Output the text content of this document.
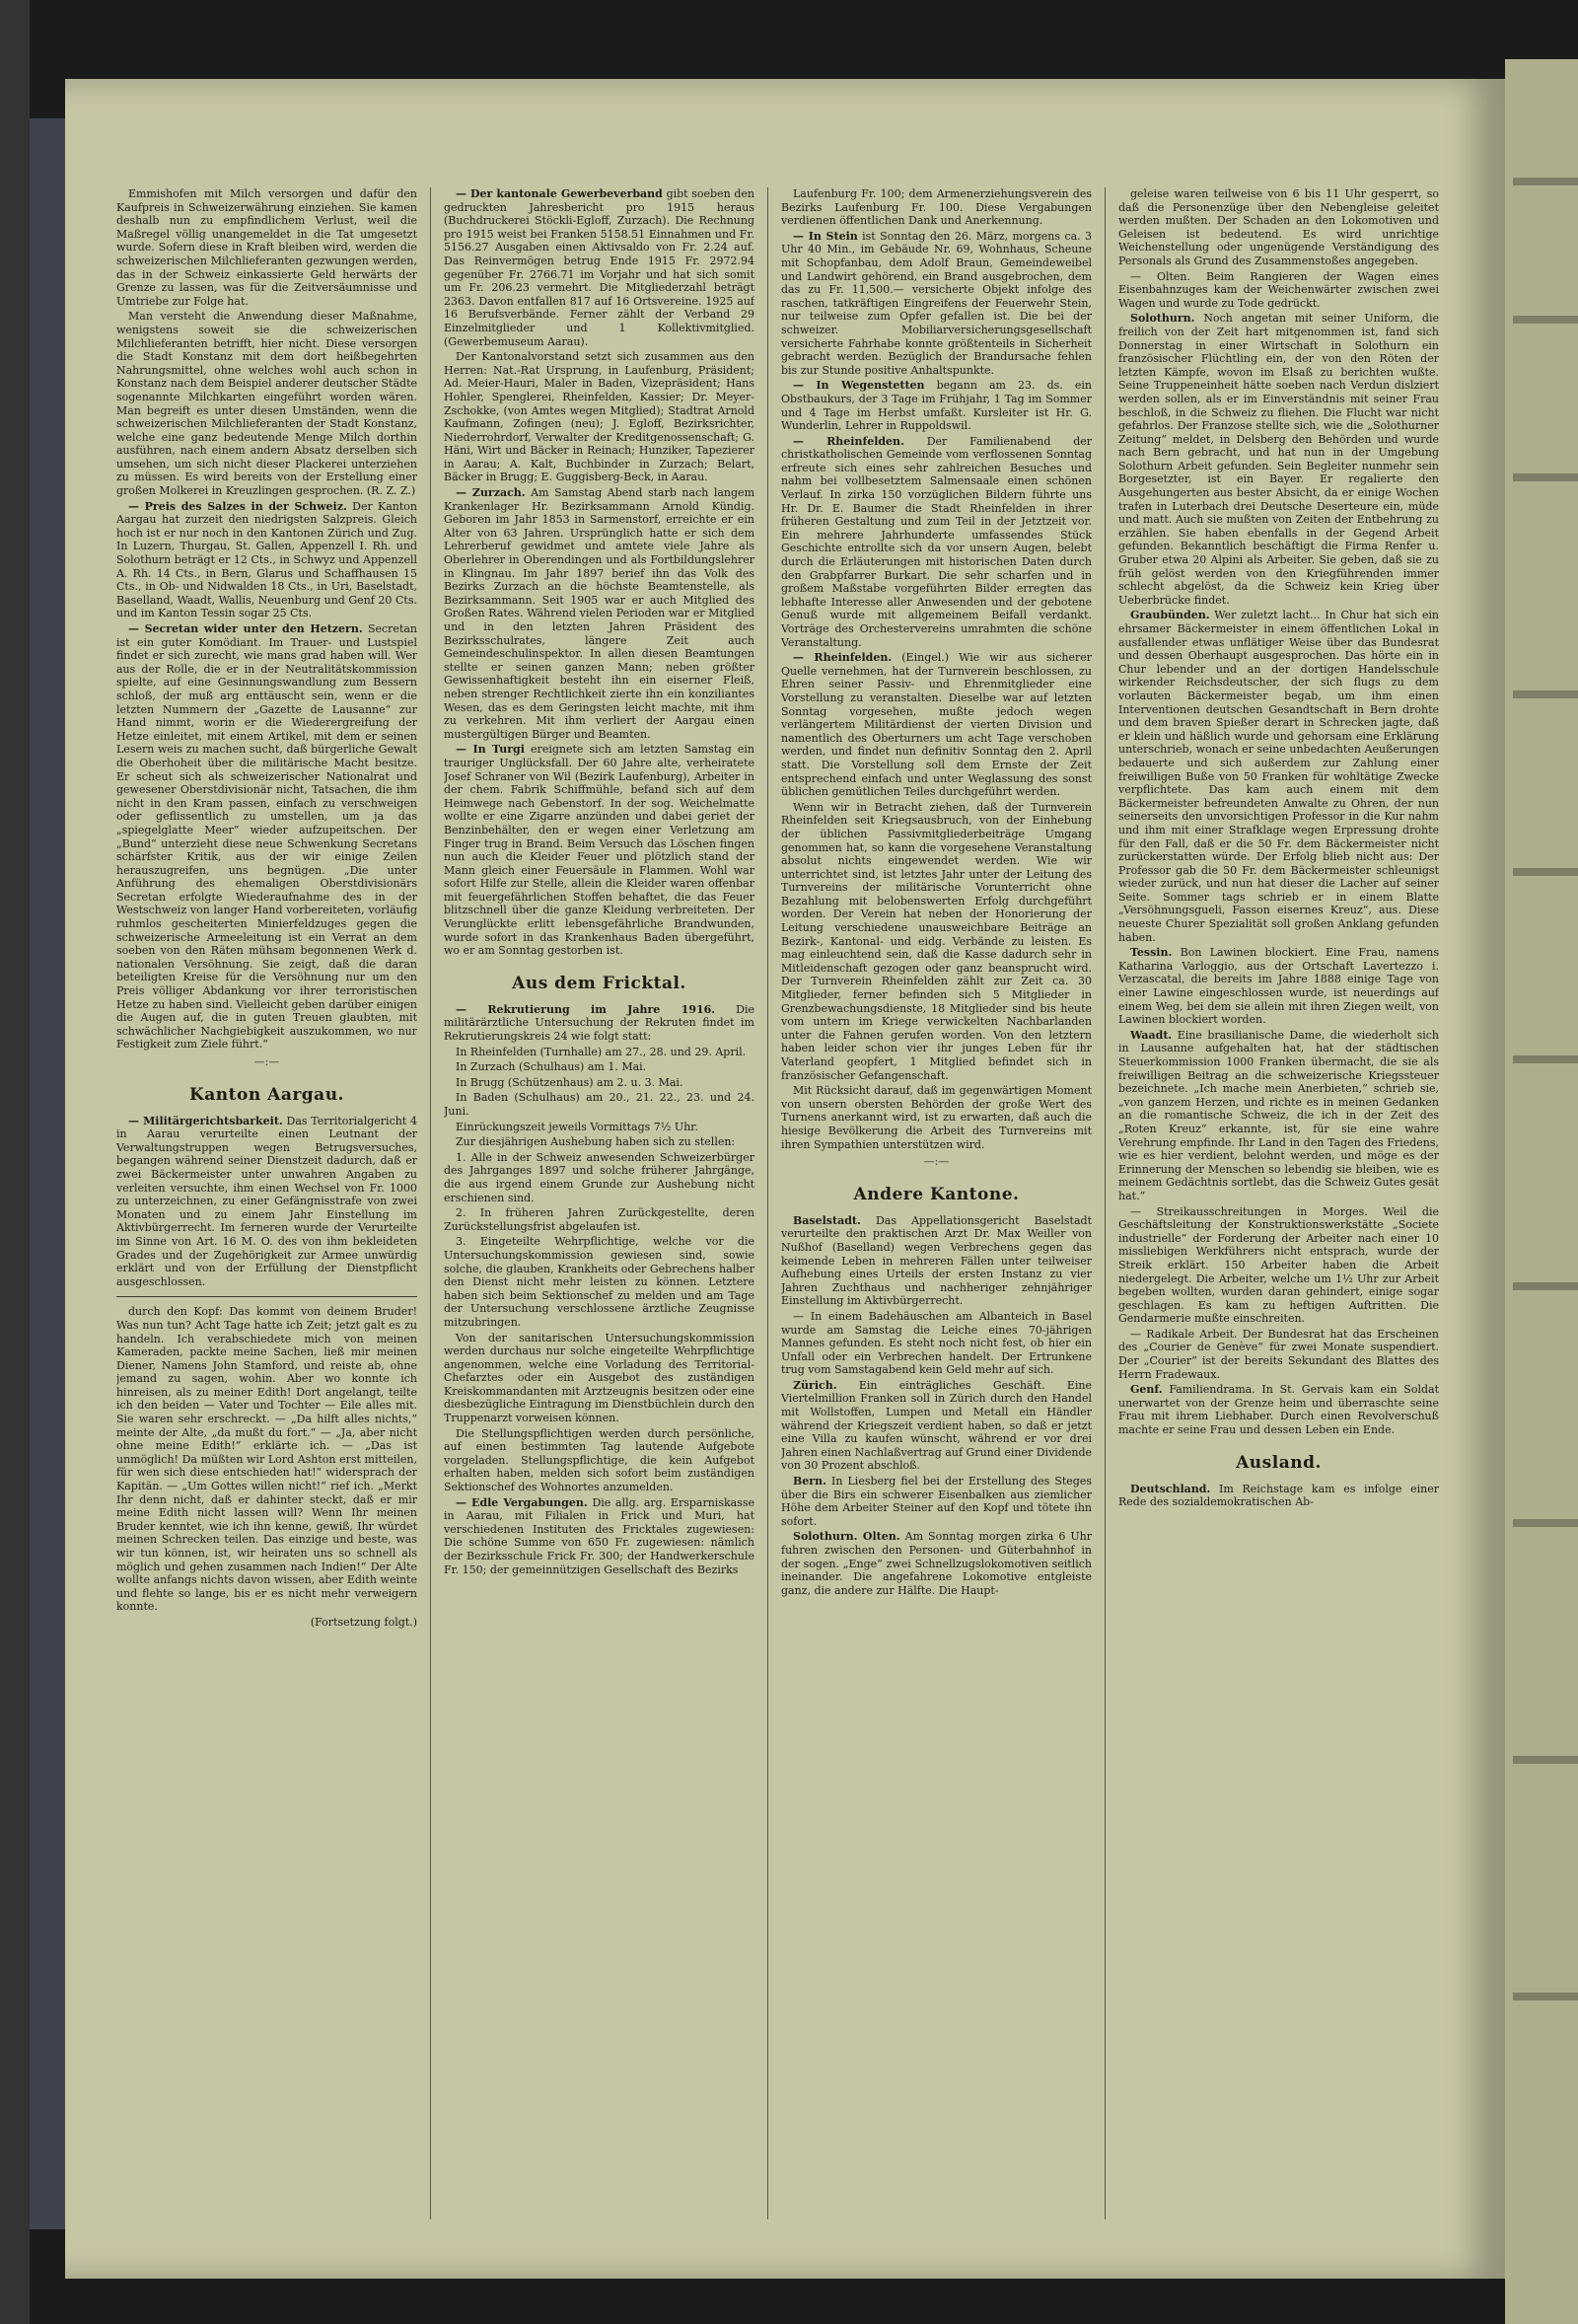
Emmishofen mit Milch versorgen und dafür den Kaufpreis in Schweizerwährung einziehen. Sie kamen deshalb nun zu empfindlichem Verlust, weil die Maßregel völlig unangemeldet in die Tat umgesetzt wurde. Sofern diese in Kraft bleiben wird, werden die schweizerischen Milchlieferanten gezwungen werden, das in der Schweiz einkassierte Geld herwärts der Grenze zu lassen, was für die Zeitversäumnisse und Umtriebe zur Folge hat.

Man versteht die Anwendung dieser Maßnahme, wenigstens soweit sie die schweizerischen Milchlieferanten betrifft, hier nicht. Diese versorgen die Stadt Konstanz mit dem dort heißbegehrten Nahrungsmittel, ohne welches wohl auch schon in Konstanz nach dem Beispiel anderer deutscher Städte sogenannte Milchkarten eingeführt worden wären. Man begreift es unter diesen Umständen, wenn die schweizerischen Milchlieferanten der Stadt Konstanz, welche eine ganz bedeutende Menge Milch dorthin ausführen, nach einem andern Absatz derselben sich umsehen, um sich nicht dieser Plackerei unterziehen zu müssen. Es wird bereits von der Erstellung einer großen Molkerei in Kreuzlingen gesprochen. (R. Z. Z.)

— Preis des Salzes in der Schweiz. Der Kanton Aargau hat zurzeit den niedrigsten Salzpreis. Gleich hoch ist er nur noch in den Kantonen Zürich und Zug. In Luzern, Thurgau, St. Gallen, Appenzell I. Rh. und Solothurn beträgt er 12 Cts., in Schwyz und Appenzell A. Rh. 14 Cts., in Bern, Glarus und Schaffhausen 15 Cts., in Ob- und Nidwalden 18 Cts., in Uri, Baselstadt, Baselland, Waadt, Wallis, Neuenburg und Genf 20 Cts. und im Kanton Tessin sogar 25 Cts.

— Secretan wider unter den Hetzern. Secretan ist ein guter Komödiant. Im Trauer- und Lustspiel findet er sich zurecht, wie mans grad haben will. Wer aus der Rolle, die er in der Neutralitätskommission spielte, auf eine Gesinnungswandlung zum Bessern schloß, der muß arg enttäuscht sein, wenn er die letzten Nummern der „Gazette de Lausanne“ zur Hand nimmt, worin er die Wiederergreifung der Hetze einleitet, mit einem Artikel, mit dem er seinen Lesern weis zu machen sucht, daß bürgerliche Gewalt die Oberhoheit über die militärische Macht besitze. Er scheut sich als schweizerischer Nationalrat und gewesener Oberstdivisionär nicht, Tatsachen, die ihm nicht in den Kram passen, einfach zu verschweigen oder geflissentlich zu umstellen, um ja das „spiegelglatte Meer“ wieder aufzupeitschen. Der „Bund“ unterzieht diese neue Schwenkung Secretans schärfster Kritik, aus der wir einige Zeilen herauszugreifen, uns begnügen. „Die unter Anführung des ehemaligen Oberstdivisionärs Secretan erfolgte Wiederaufnahme des in der Westschweiz von langer Hand vorbereiteten, vorläufig ruhmlos gescheiterten Minierfeldzuges gegen die schweizerische Armeeleitung ist ein Verrat an dem soeben von den Räten mühsam begonnenen Werk d. nationalen Versöhnung. Sie zeigt, daß die daran beteiligten Kreise für die Versöhnung nur um den Preis völliger Abdankung vor ihrer terroristischen Hetze zu haben sind. Vielleicht geben darüber einigen die Augen auf, die in guten Treuen glaubten, mit schwächlicher Nachgiebigkeit auszukommen, wo nur Festigkeit zum Ziele führt.“

—:—
Kanton Aargau.

— Militärgerichtsbarkeit. Das Territorialgericht 4 in Aarau verurteilte einen Leutnant der Verwaltungstruppen wegen Betrugsversuches, begangen während seiner Dienstzeit dadurch, daß er zwei Bäckermeister unter unwahren Angaben zu verleiten versuchte, ihm einen Wechsel von Fr. 1000 zu unterzeichnen, zu einer Gefängnisstrafe von zwei Monaten und zu einem Jahr Einstellung im Aktivbürgerrecht. Im ferneren wurde der Verurteilte im Sinne von Art. 16 M. O. des von ihm bekleideten Grades und der Zugehörigkeit zur Armee unwürdig erklärt und von der Erfüllung der Dienstpflicht ausgeschlossen.

durch den Kopf: Das kommt von deinem Bruder! Was nun tun? Acht Tage hatte ich Zeit; jetzt galt es zu handeln. Ich verabschiedete mich von meinen Kameraden, packte meine Sachen, ließ mir meinen Diener, Namens John Stamford, und reiste ab, ohne jemand zu sagen, wohin. Aber wo konnte ich hinreisen, als zu meiner Edith! Dort angelangt, teilte ich den beiden — Vater und Tochter — Eile alles mit. Sie waren sehr erschreckt. — „Da hilft alles nichts,“ meinte der Alte, „da mußt du fort.“ — „Ja, aber nicht ohne meine Edith!“ erklärte ich. — „Das ist unmöglich! Da müßten wir Lord Ashton erst mitteilen, für wen sich diese entschieden hat!“ widersprach der Kapitän. — „Um Gottes willen nicht!“ rief ich. „Merkt Ihr denn nicht, daß er dahinter steckt, daß er mir meine Edith nicht lassen will? Wenn Ihr meinen Bruder kenntet, wie ich ihn kenne, gewiß, Ihr würdet meinen Schrecken teilen. Das einzige und beste, was wir tun können, ist, wir heiraten uns so schnell als möglich und gehen zusammen nach Indien!“ Der Alte wollte anfangs nichts davon wissen, aber Edith weinte und flehte so lange, bis er es nicht mehr verweigern konnte.

(Fortsetzung folgt.)

— Der kantonale Gewerbeverband gibt soeben den gedruckten Jahresbericht pro 1915 heraus (Buchdruckerei Stöckli-Egloff, Zurzach). Die Rechnung pro 1915 weist bei Franken 5158.51 Einnahmen und Fr. 5156.27 Ausgaben einen Aktivsaldo von Fr. 2.24 auf. Das Reinvermögen betrug Ende 1915 Fr. 2972.94 gegenüber Fr. 2766.71 im Vorjahr und hat sich somit um Fr. 206.23 vermehrt. Die Mitgliederzahl beträgt 2363. Davon entfallen 817 auf 16 Ortsvereine. 1925 auf 16 Berufsverbände. Ferner zählt der Verband 29 Einzelmitglieder und 1 Kollektivmitglied. (Gewerbemuseum Aarau).

Der Kantonalvorstand setzt sich zusammen aus den Herren: Nat.-Rat Ursprung, in Laufenburg, Präsident; Ad. Meier-Hauri, Maler in Baden, Vizepräsident; Hans Hohler, Spenglerei, Rheinfelden, Kassier; Dr. Meyer-Zschokke, (von Amtes wegen Mitglied); Stadtrat Arnold Kaufmann, Zofingen (neu); J. Egloff, Bezirksrichter, Niederrohrdorf, Verwalter der Kreditgenossenschaft; G. Häni, Wirt und Bäcker in Reinach; Hunziker, Tapezierer in Aarau; A. Kalt, Buchbinder in Zurzach; Belart, Bäcker in Brugg; E. Guggisberg-Beck, in Aarau.

— Zurzach. Am Samstag Abend starb nach langem Krankenlager Hr. Bezirksammann Arnold Kündig. Geboren im Jahr 1853 in Sarmenstorf, erreichte er ein Alter von 63 Jahren. Ursprünglich hatte er sich dem Lehrerberuf gewidmet und amtete viele Jahre als Oberlehrer in Oberendingen und als Fortbildungslehrer in Klingnau. Im Jahr 1897 berief ihn das Volk des Bezirks Zurzach an die höchste Beamtenstelle, als Bezirksammann. Seit 1905 war er auch Mitglied des Großen Rates. Während vielen Perioden war er Mitglied und in den letzten Jahren Präsident des Bezirksschulrates, längere Zeit auch Gemeindeschulinspektor. In allen diesen Beamtungen stellte er seinen ganzen Mann; neben größter Gewissenhaftigkeit besteht ihn ein eiserner Fleiß, neben strenger Rechtlichkeit zierte ihn ein konziliantes Wesen, das es dem Geringsten leicht machte, mit ihm zu verkehren. Mit ihm verliert der Aargau einen mustergültigen Bürger und Beamten.

— In Turgi ereignete sich am letzten Samstag ein trauriger Unglücksfall. Der 60 Jahre alte, verheiratete Josef Schraner von Wil (Bezirk Laufenburg), Arbeiter in der chem. Fabrik Schiffmühle, befand sich auf dem Heimwege nach Gebenstorf. In der sog. Weichelmatte wollte er eine Zigarre anzünden und dabei geriet der Benzinbehälter, den er wegen einer Verletzung am Finger trug in Brand. Beim Versuch das Löschen fingen nun auch die Kleider Feuer und plötzlich stand der Mann gleich einer Feuersäule in Flammen. Wohl war sofort Hilfe zur Stelle, allein die Kleider waren offenbar mit feuergefährlichen Stoffen behaftet, die das Feuer blitzschnell über die ganze Kleidung verbreiteten. Der Verunglückte erlitt lebensgefährliche Brandwunden, wurde sofort in das Krankenhaus Baden übergeführt, wo er am Sonntag gestorben ist.

Aus dem Fricktal.

— Rekrutierung im Jahre 1916. Die militärärztliche Untersuchung der Rekruten findet im Rekrutierungskreis 24 wie folgt statt:

In Rheinfelden (Turnhalle) am 27., 28. und 29. April.

In Zurzach (Schulhaus) am 1. Mai.

In Brugg (Schützenhaus) am 2. u. 3. Mai.

In Baden (Schulhaus) am 20., 21. 22., 23. und 24. Juni.

Einrückungszeit jeweils Vormittags 7½ Uhr.

Zur diesjährigen Aushebung haben sich zu stellen:

1. Alle in der Schweiz anwesenden Schweizerbürger des Jahrganges 1897 und solche früherer Jahrgänge, die aus irgend einem Grunde zur Aushebung nicht erschienen sind.

2. In früheren Jahren Zurückgestellte, deren Zurückstellungsfrist abgelaufen ist.

3. Eingeteilte Wehrpflichtige, welche vor die Untersuchungskommission gewiesen sind, sowie solche, die glauben, Krankheits oder Gebrechens halber den Dienst nicht mehr leisten zu können. Letztere haben sich beim Sektionschef zu melden und am Tage der Untersuchung verschlossene ärztliche Zeugnisse mitzubringen.

Von der sanitarischen Untersuchungskommission werden durchaus nur solche eingeteilte Wehrpflichtige angenommen, welche eine Vorladung des Territorial-Chefarztes oder ein Ausgebot des zuständigen Kreiskommandanten mit Arztzeugnis besitzen oder eine diesbezügliche Eintragung im Dienstbüchlein durch den Truppenarzt vorweisen können.

Die Stellungspflichtigen werden durch persönliche, auf einen bestimmten Tag lautende Aufgebote vorgeladen. Stellungspflichtige, die kein Aufgebot erhalten haben, melden sich sofort beim zuständigen Sektionschef des Wohnortes anzumelden.

— Edle Vergabungen. Die allg. arg. Ersparniskasse in Aarau, mit Filialen in Frick und Muri, hat verschiedenen Instituten des Fricktales zugewiesen: Die schöne Summe von 650 Fr. zugewiesen: nämlich der Bezirksschule Frick Fr. 300; der Handwerkerschule Fr. 150; der gemeinnützigen Gesellschaft des Bezirks

Laufenburg Fr. 100; dem Armenerziehungsverein des Bezirks Laufenburg Fr. 100. Diese Vergabungen verdienen öffentlichen Dank und Anerkennung.

— In Stein ist Sonntag den 26. März, morgens ca. 3 Uhr 40 Min., im Gebäude Nr. 69, Wohnhaus, Scheune mit Schopfanbau, dem Adolf Braun, Gemeindeweibel und Landwirt gehörend, ein Brand ausgebrochen, dem das zu Fr. 11,500.— versicherte Objekt infolge des raschen, tatkräftigen Eingreifens der Feuerwehr Stein, nur teilweise zum Opfer gefallen ist. Die bei der schweizer. Mobiliarversicherungsgesellschaft versicherte Fahrhabe konnte größtenteils in Sicherheit gebracht werden. Bezüglich der Brandursache fehlen bis zur Stunde positive Anhaltspunkte.

— In Wegenstetten begann am 23. ds. ein Obstbaukurs, der 3 Tage im Frühjahr, 1 Tag im Sommer und 4 Tage im Herbst umfaßt. Kursleiter ist Hr. G. Wunderlin, Lehrer in Ruppoldswil.

— Rheinfelden. Der Familienabend der christkatholischen Gemeinde vom verflossenen Sonntag erfreute sich eines sehr zahlreichen Besuches und nahm bei vollbesetztem Salmensaale einen schönen Verlauf. In zirka 150 vorzüglichen Bildern führte uns Hr. Dr. E. Baumer die Stadt Rheinfelden in ihrer früheren Gestaltung und zum Teil in der Jetztzeit vor. Ein mehrere Jahrhunderte umfassendes Stück Geschichte entrollte sich da vor unsern Augen, belebt durch die Erläuterungen mit historischen Daten durch den Grabpfarrer Burkart. Die sehr scharfen und in großem Maßstabe vorgeführten Bilder erregten das lebhafte Interesse aller Anwesenden und der gebotene Genuß wurde mit allgemeinem Beifall verdankt. Vorträge des Orchestervereins umrahmten die schöne Veranstaltung.

— Rheinfelden. (Eingel.) Wie wir aus sicherer Quelle vernehmen, hat der Turnverein beschlossen, zu Ehren seiner Passiv- und Ehrenmitglieder eine Vorstellung zu veranstalten. Dieselbe war auf letzten Sonntag vorgesehen, mußte jedoch wegen verlängertem Militärdienst der vierten Division und namentlich des Oberturners um acht Tage verschoben werden, und findet nun definitiv Sonntag den 2. April statt. Die Vorstellung soll dem Ernste der Zeit entsprechend einfach und unter Weglassung des sonst üblichen gemütlichen Teiles durchgeführt werden.

Wenn wir in Betracht ziehen, daß der Turnverein Rheinfelden seit Kriegsausbruch, von der Einhebung der üblichen Passivmitgliederbeiträge Umgang genommen hat, so kann die vorgesehene Veranstaltung absolut nichts eingewendet werden. Wie wir unterrichtet sind, ist letztes Jahr unter der Leitung des Turnvereins der militärische Vorunterricht ohne Bezahlung mit belobenswerten Erfolg durchgeführt worden. Der Verein hat neben der Honorierung der Leitung verschiedene unausweichbare Beiträge an Bezirk-, Kantonal- und eidg. Verbände zu leisten. Es mag einleuchtend sein, daß die Kasse dadurch sehr in Mitleidenschaft gezogen oder ganz beansprucht wird. Der Turnverein Rheinfelden zählt zur Zeit ca. 30 Mitglieder, ferner befinden sich 5 Mitglieder in Grenzbewachungsdienste, 18 Mitglieder sind bis heute vom untern im Kriege verwickelten Nachbarlanden unter die Fahnen gerufen worden. Von den letztern haben leider schon vier ihr junges Leben für ihr Vaterland geopfert, 1 Mitglied befindet sich in französischer Gefangenschaft.

Mit Rücksicht darauf, daß im gegenwärtigen Moment von unsern obersten Behörden der große Wert des Turnens anerkannt wird, ist zu erwarten, daß auch die hiesige Bevölkerung die Arbeit des Turnvereins mit ihren Sympathien unterstützen wird.

—:—
Andere Kantone.

Baselstadt. Das Appellationsgericht Baselstadt verurteilte den praktischen Arzt Dr. Max Weiller von Nußhof (Baselland) wegen Verbrechens gegen das keimende Leben in mehreren Fällen unter teilweiser Aufhebung eines Urteils der ersten Instanz zu vier Jahren Zuchthaus und nachheriger zehnjähriger Einstellung im Aktivbürgerrecht.

— In einem Badehäuschen am Albanteich in Basel wurde am Samstag die Leiche eines 70-jährigen Mannes gefunden. Es steht noch nicht fest, ob hier ein Unfall oder ein Verbrechen handelt. Der Ertrunkene trug vom Samstagabend kein Geld mehr auf sich.

Zürich. Ein einträgliches Geschäft. Eine Viertelmillion Franken soll in Zürich durch den Handel mit Wollstoffen, Lumpen und Metall ein Händler während der Kriegszeit verdient haben, so daß er jetzt eine Villa zu kaufen wünscht, während er vor drei Jahren einen Nachlaßvertrag auf Grund einer Dividende von 30 Prozent abschloß.

Bern. In Liesberg fiel bei der Erstellung des Steges über die Birs ein schwerer Eisenbalken aus ziemlicher Höhe dem Arbeiter Steiner auf den Kopf und tötete ihn sofort.

Solothurn. Olten. Am Sonntag morgen zirka 6 Uhr fuhren zwischen den Personen- und Güterbahnhof in der sogen. „Enge“ zwei Schnellzugslokomotiven seitlich ineinander. Die angefahrene Lokomotive entgleiste ganz, die andere zur Hälfte. Die Haupt-

geleise waren teilweise von 6 bis 11 Uhr gesperrt, so daß die Personenzüge über den Nebengleise geleitet werden mußten. Der Schaden an den Lokomotiven und Geleisen ist bedeutend. Es wird unrichtige Weichenstellung oder ungenügende Verständigung des Personals als Grund des Zusammenstoßes angegeben.

— Olten. Beim Rangieren der Wagen eines Eisenbahnzuges kam der Weichenwärter zwischen zwei Wagen und wurde zu Tode gedrückt.

Solothurn. Noch angetan mit seiner Uniform, die freilich von der Zeit hart mitgenommen ist, fand sich Donnerstag in einer Wirtschaft in Solothurn ein französischer Flüchtling ein, der von den Röten der letzten Kämpfe, wovon im Elsaß zu berichten wußte. Seine Truppeneinheit hätte soeben nach Verdun dislziert werden sollen, als er im Einverständnis mit seiner Frau beschloß, in die Schweiz zu fliehen. Die Flucht war nicht gefahrlos. Der Franzose stellte sich, wie die „Solothurner Zeitung“ meldet, in Delsberg den Behörden und wurde nach Bern gebracht, und hat nun in der Umgebung Solothurn Arbeit gefunden. Sein Begleiter nunmehr sein Borgesetzter, ist ein Bayer. Er regalierte den Ausgehungerten aus bester Absicht, da er einige Wochen trafen in Luterbach drei Deutsche Deserteure ein, müde und matt. Auch sie mußten von Zeiten der Entbehrung zu erzählen. Sie haben ebenfalls in der Gegend Arbeit gefunden. Bekanntlich beschäftigt die Firma Renfer u. Gruber etwa 20 Alpini als Arbeiter. Sie geben, daß sie zu früh gelöst werden von den Kriegführenden immer schlecht abgelöst, da die Schweiz kein Krieg über Ueberbrücke findet.

Graubünden. Wer zuletzt lacht... In Chur hat sich ein ehrsamer Bäckermeister in einem öffentlichen Lokal in ausfallender etwas unflätiger Weise über das Bundesrat und dessen Oberhaupt ausgesprochen. Das hörte ein in Chur lebender und an der dortigen Handelsschule wirkender Reichsdeutscher, der sich flugs zu dem vorlauten Bäckermeister begab, um ihm einen Interventionen deutschen Gesandtschaft in Bern drohte und dem braven Spießer derart in Schrecken jagte, daß er klein und häßlich wurde und gehorsam eine Erklärung unterschrieb, wonach er seine unbedachten Aeußerungen bedauerte und sich außerdem zur Zahlung einer freiwilligen Buße von 50 Franken für wohltätige Zwecke verpflichtete. Das kam auch einem mit dem Bäckermeister befreundeten Anwalte zu Ohren, der nun seinerseits den unvorsichtigen Professor in die Kur nahm und ihm mit einer Strafklage wegen Erpressung drohte für den Fall, daß er die 50 Fr. dem Bäckermeister nicht zurückerstatten würde. Der Erfolg blieb nicht aus: Der Professor gab die 50 Fr. dem Bäckermeister schleunigst wieder zurück, und nun hat dieser die Lacher auf seiner Seite. Sommer tags schrieb er in einem Blatte „Versöhnungsgueli, Fasson eisernes Kreuz“, aus. Diese neueste Churer Spezialität soll großen Anklang gefunden haben.

Tessin. Bon Lawinen blockiert. Eine Frau, namens Katharina Varloggio, aus der Ortschaft Lavertezzo i. Verzascatal, die bereits im Jahre 1888 einige Tage von einer Lawine eingeschlossen wurde, ist neuerdings auf einem Weg, bei dem sie allein mit ihren Ziegen weilt, von Lawinen blockiert worden.

Waadt. Eine brasilianische Dame, die wiederholt sich in Lausanne aufgehalten hat, hat der städtischen Steuerkommission 1000 Franken übermacht, die sie als freiwilligen Beitrag an die schweizerische Kriegssteuer bezeichnete. „Ich mache mein Anerbieten,“ schrieb sie, „von ganzem Herzen, und richte es in meinen Gedanken an die romantische Schweiz, die ich in der Zeit des „Roten Kreuz“ erkannte, ist, für sie eine wahre Verehrung empfinde. Ihr Land in den Tagen des Friedens, wie es hier verdient, belohnt werden, und möge es der Erinnerung der Menschen so lebendig sie bleiben, wie es meinem Gedächtnis sortlebt, das die Schweiz Gutes gesät hat.“

— Streikausschreitungen in Morges. Weil die Geschäftsleitung der Konstruktionswerkstätte „Societe industrielle“ der Forderung der Arbeiter nach einer 10 missliebigen Werkführers nicht entsprach, wurde der Streik erklärt. 150 Arbeiter haben die Arbeit niedergelegt. Die Arbeiter, welche um 1½ Uhr zur Arbeit begeben wollten, wurden daran gehindert, einige sogar geschlagen. Es kam zu heftigen Auftritten. Die Gendarmerie mußte einschreiten.

— Radikale Arbeit. Der Bundesrat hat das Erscheinen des „Courier de Genève“ für zwei Monate suspendiert. Der „Courier“ ist der bereits Sekundant des Blattes des Herrn Fradewaux.

Genf. Familiendrama. In St. Gervais kam ein Soldat unerwartet von der Grenze heim und überraschte seine Frau mit ihrem Liebhaber. Durch einen Revolverschuß machte er seine Frau und dessen Leben ein Ende.

Ausland.

Deutschland. Im Reichstage kam es infolge einer Rede des sozialdemokratischen Ab-
